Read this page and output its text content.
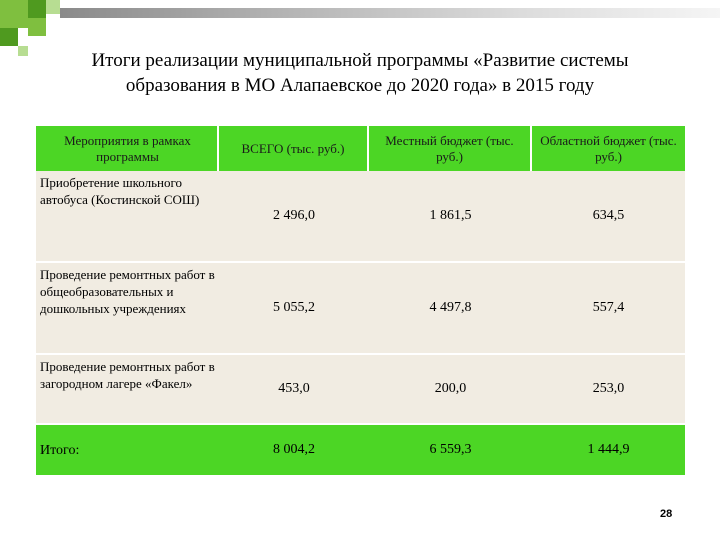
Итоги реализации муниципальной программы «Развитие системы
образования в МО Алапаевское до 2020 года» в 2015 году
Мероприятия в рамках программы	ВСЕГО (тыс. руб.)	Местный бюджет (тыс. руб.)	Областной бюджет (тыс. руб.)
Приобретение школьного автобуса (Костинской СОШ)	2 496,0	1 861,5	634,5
Проведение ремонтных работ в общеобразовательных и дошкольных учреждениях	5 055,2	4 497,8	557,4
Проведение ремонтных работ в загородном лагере «Факел»	453,0	200,0	253,0
Итого:	8 004,2	6 559,3	1 444,9
28
